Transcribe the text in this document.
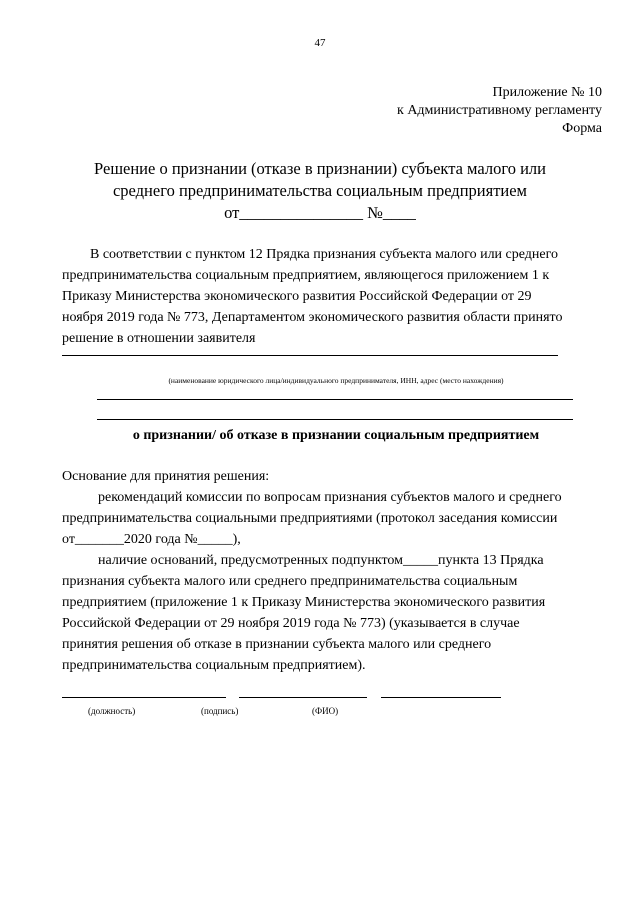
47
Приложение № 10
к Административному регламенту
Форма
Решение о признании (отказе в признании) субъекта малого или
среднего предпринимательства социальным предприятием
от_______________ №____
В соответствии с пунктом 12 Прядка признания субъекта малого или среднего
предпринимательства социальным предприятием, являющегося приложением 1 к
Приказу Министерства экономического развития Российской Федерации от 29
ноября 2019 года № 773, Департаментом экономического развития области принято
решение в отношении заявителя
(наименование юридического лица/индивидуального предпринимателя, ИНН, адрес (место нахождения)
о признании/ об отказе в признании социальным предприятием
Основание для принятия решения:
рекомендаций комиссии по вопросам признания субъектов малого и среднего
предпринимательства социальными предприятиями (протокол заседания комиссии
от_______2020 года №_____),
наличие оснований, предусмотренных подпунктом_____пункта 13 Прядка
признания субъекта малого или среднего предпринимательства социальным
предприятием (приложение 1 к Приказу Министерства экономического развития
Российской Федерации от 29 ноября 2019 года № 773) (указывается в случае
принятия решения об отказе в признании субъекта малого или среднего
предпринимательства социальным предприятием).
(должность)	(подпись)	(ФИО)
